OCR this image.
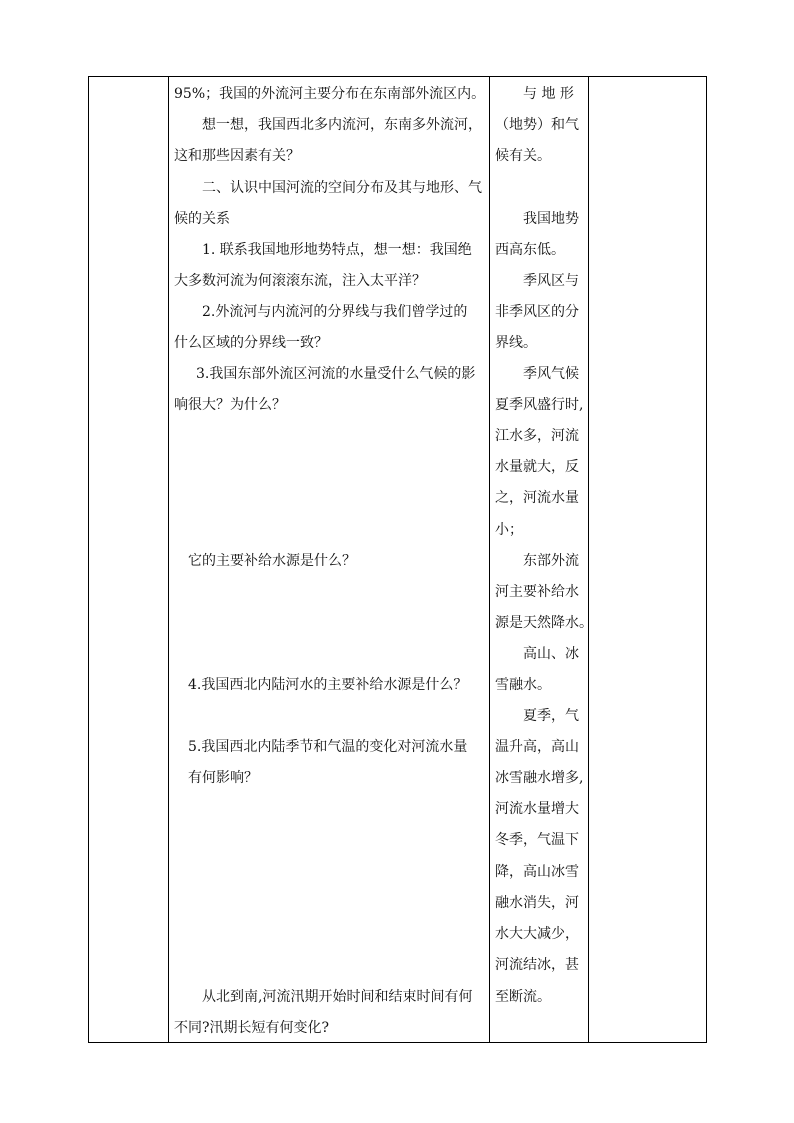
95%；我国的外流河主要分布在东南部外流区内。
想一想，我国西北多内流河，东南多外流河，
这和那些因素有关？
二、认识中国河流的空间分布及其与地形、气
候的关系
1. 联系我国地形地势特点，想一想：我国绝
大多数河流为何滚滚东流，注入太平洋？
2.外流河与内流河的分界线与我们曾学过的
什么区域的分界线一致？
3.我国东部外流区河流的水量受什么气候的影
响很大？为什么？
它的主要补给水源是什么？
4.我国西北内陆河水的主要补给水源是什么？
5.我国西北内陆季节和气温的变化对河流水量
有何影响？
从北到南,河流汛期开始时间和结束时间有何
不同?汛期长短有何变化?
与 地 形
（地势）和气
候有关。
我国地势
西高东低。
季风区与
非季风区的分
界线。
季风气候
夏季风盛行时,
江水多，河流
水量就大，反
之，河流水量
小；
东部外流
河主要补给水
源是天然降水。
高山、冰
雪融水。
夏季，气
温升高，高山
冰雪融水增多,
河流水量增大
冬季，气温下
降，高山冰雪
融水消失，河
水大大减少，
河流结冰，甚
至断流。
